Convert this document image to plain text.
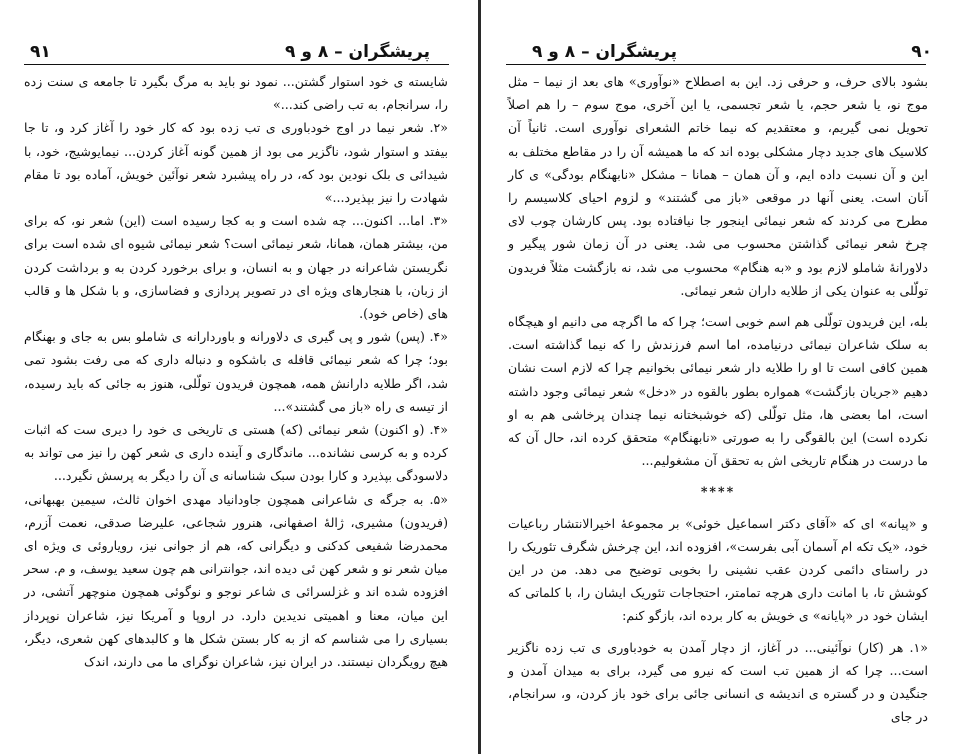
۹۱	پریشگران – ۸ و ۹

شایسته ی خود استوار گشتن... نمود نو باید به مرگ بگیرد تا جامعه ی سنت زده را، سرانجام، به تب راضی کند...»

«۲. شعر نیما در اوج خودباوری ی تب زده بود که کار خود را آغاز کرد و، تا جا بیفتد و استوار شود، ناگزیر می بود از همین گونه آغاز کردن... نیمایوشیج، خود، با شیدائی ی بلک نودین بود که، در راه پیشبرد شعر نوآئین خویش، آماده بود تا مقام شهادت را نیز بپذیرد...»

«۳. اما... اکنون... چه شده است و به کجا رسیده است (این) شعر نو، که برای من، بیشتر همان، همانا، شعر نیمائی است؟ شعر نیمائی شیوه ای شده است برای نگریستن شاعرانه در جهان و به انسان، و برای برخورد کردن به و برداشت کردن از زبان، با هنجارهای ویژه ای در تصویر پردازی و فضاسازی، و با شکل ها و قالب های (خاص خود).

«۴. (پس) شور و پی گیری ی دلاورانه و باوردارانه ی شاملو بس به جای و بهنگام بود؛ چرا که شعر نیمائی قافله ی باشکوه و دنباله داری که می رفت بشود تمی شد، اگر طلایه دارانش همه، همچون فریدون تولّلی، هنوز به جائی که باید رسیده، از تیسه ی راه «باز می گشتند»...

«۴. (و اکنون) شعر نیمائی (که) هستی ی تاریخی ی خود را دیری ست که اثبات کرده و به کرسی نشانده... ماندگاری و آینده داری ی شعر کهن را نیز می تواند به دلاسودگی بپذیرد و کارا بودن سبک شناسانه ی آن را دیگر به پرسش نگیرد...

«۵. به جرگه ی شاعرانی همچون جاودانیاد مهدی اخوان ثالث، سیمین بهبهانی، (فریدون) مشیری، ژالهٔ اصفهانی، هنرور شجاعی، علیرضا صدقی، نعمت آزرم، محمدرضا شفیعی کدکنی و دیگرانی که، هم از جوانی نیز، رویاروئی ی ویژه ای میان شعر نو و شعر کهن ئی دیده اند، جوانترانی هم چون سعید یوسف، و م. سحر افزوده شده اند و غزلسرائی ی شاعر نوجو و نوگوئی همچون منوچهر آتشی، در این میان، معنا و اهمیتی ندیدین دارد. در اروپا و آمریکا نیز، شاعران نوپرداز بسیاری را می شناسم که از به کار بستن شکل ها و کالبدهای کهن شعری، دیگر، هیچ رویگردان نیستند. در ایران نیز، شاعران نوگرای ما می دارند، اندک

پریشگران – ۸ و ۹	۹۰

بشود بالای حرف، و حرفی زد. این به اصطلاح «نوآوری» های بعد از نیما – مثل موج نو، یا شعر حجم، یا شعر تجسمی، یا این آخری، موج سوم – را هم اصلاً تحویل نمی گیریم، و معتقدیم که نیما خاتم الشعرای نوآوری است. ثانیاً آن کلاسیک های جدید دچار مشکلی بوده اند که ما همیشه آن را در مقاطع مختلف به این و آن نسبت داده ایم، و آن همان – همانا – مشکل «نابهنگام بودگی» ی کار آنان است. یعنی آنها در موقعی «باز می گشتند» و لزوم احیای کلاسیسم را مطرح می کردند که شعر نیمائی اینجور جا نیافتاده بود. پس کارشان چوب لای چرخ شعر نیمائی گذاشتن محسوب می شد. یعنی در آن زمان شور پیگیر و دلاورانهٔ شاملو لازم بود و «به هنگام» محسوب می شد، نه بازگشت مثلاً فریدون تولّلی به عنوان یکی از طلایه داران شعر نیمائی.

بله، این فریدون تولّلی هم اسم خوبی است؛ چرا که ما اگرچه می دانیم او هیچگاه به سلک شاعران نیمائی درنیامده، اما اسم فرزندش را که نیما گذاشته است. همین کافی است تا او را طلایه دار شعر نیمائی بخوانیم چرا که لازم است نشان دهیم «جریان بازگشت» همواره بطور بالقوه در «دخل» شعر نیمائی وجود داشته است، اما بعضی ها، مثل تولّلی (که خوشبختانه نیما چندان پرخاشی هم به او نکرده است) این بالقوگی را به صورتی «نابهنگام» متحقق کرده اند، حال آن که ما درست در هنگام تاریخی اش به تحقق آن مشغولیم...

****

و «پیانه» ای که «آقای دکتر اسماعیل خوئی» بر مجموعهٔ اخیرالانتشار رباعیات خود، «یک تکه ام آسمان آبی بفرست»، افزوده اند، این چرخش شگرف تئوریک را در راستای دائمی کردن عقب نشینی را بخوبی توضیح می دهد. من در این کوشش تا، با امانت داری هرچه تمامتر، احتجاجات تئوریک ایشان را، با کلماتی که ایشان خود در «پایانه» ی خویش به کار برده اند، بازگو کنم:

«۱. هر (کار) نوآئینی... در آغاز، از دچار آمدن به خودباوری ی تب زده ناگزیر است... چرا که از همین تب است که نیرو می گیرد، برای به میدان آمدن و جنگیدن و در گستره ی اندیشه ی انسانی جائی برای خود باز کردن، و، سرانجام، در جای
